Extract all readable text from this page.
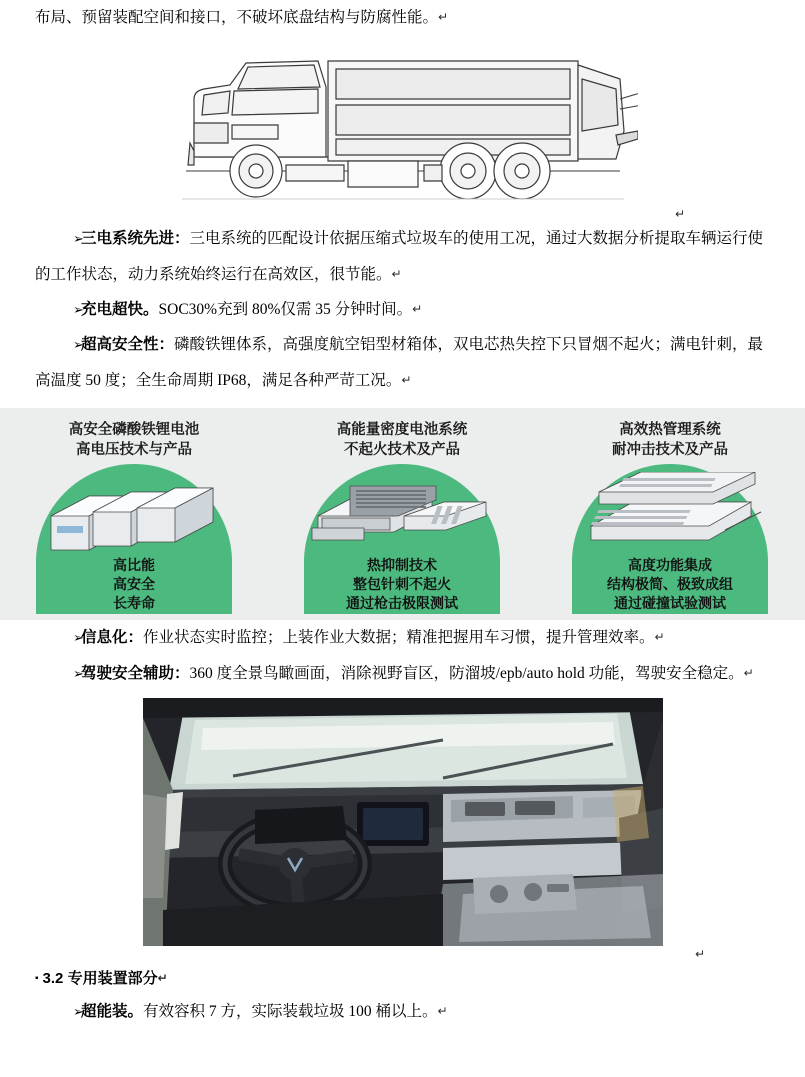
布局、预留装配空间和接口，不破坏底盘结构与防腐性能。↵
↵
➢三电系统先进：三电系统的匹配设计依据压缩式垃圾车的使用工况，通过大数据分析提取车辆运行使的工作状态，动力系统始终运行在高效区，很节能。↵
➢充电超快。SOC30%充到 80%仅需 35 分钟时间。↵
➢超高安全性：磷酸铁锂体系，高强度航空铝型材箱体，双电芯热失控下只冒烟不起火；满电针刺，最高温度 50 度；全生命周期 IP68，满足各种严苛工况。↵
高安全磷酸铁锂电池
高电压技术与产品
高比能
高安全
长寿命
高能量密度电池系统
不起火技术及产品
热抑制技术
整包针刺不起火
通过枪击极限测试
高效热管理系统
耐冲击技术及产品
高度功能集成
结构极简、极致成组
通过碰撞试验测试
➢信息化：作业状态实时监控；上装作业大数据；精准把握用车习惯，提升管理效率。↵
➢驾驶安全辅助：360 度全景鸟瞰画面，消除视野盲区，防溜坡/epb/auto hold 功能，驾驶安全稳定。↵
↵
▪ 3.2 专用装置部分↵
➢超能装。有效容积 7 方，实际装载垃圾 100 桶以上。↵
